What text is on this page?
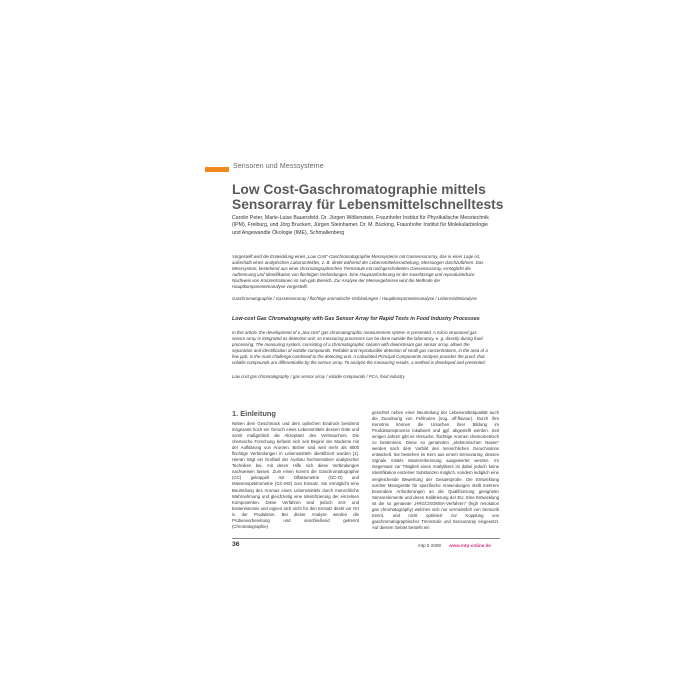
Sensoren und Messsysteme
Low Cost-Gaschromatographie mittels Sensorarray für Lebensmittelschnelltests
Carolin Peter, Marie-Luise Bauersfeld, Dr. Jürgen Wöllenstein, Fraunhofer Institut für Physikalische Messtechnik (IPM), Freiburg, und Jörg Bruckert, Jürgen Steinhamer, Dr. M. Bücking, Fraunhofer Institut für Molekularbiologie und Angewandte Ökologie (IME), Schmallenberg
Vorgestellt wird die Entwicklung eines „Low Cost“-Gaschromatographie Messsystems mit Gassensorarray, das in einer Lage ist, außerhalb eines analytischen Laborumfeldes, z. B. direkt während der Lebensmittelverarbeitung, Messungen durchzuführen. Das Messsystem, bestehend aus einer chromatographischen Trennsäule mit nachgeschaltetem Gassensorarray, ermöglicht die Auftrennung und Identifikation von flüchtigen Verbindungen. Eine Hauptanforderung ist der zuverlässige und reproduzierbare Nachweis von Konzentrationen im sub-ppb Bereich. Zur Analyse der Messergebnisse wird die Methode der Hauptkomponentenanalyse vorgestellt.
Gaschromatographie / Gassensorarray / flüchtige aromatische Verbindungen / Hauptkomponentenanalyse / Lebensmittelanalyse
Low-cost Gas Chromatography with Gas Sensor Array for Rapid Tests in Food Industry Processes
In this article, the development of a „low cost“ gas chromatographic measurement system is presented. A micro structured gas sensor array is integrated as detection unit, so measuring processes can be done outside the laboratory, e. g. directly during food processing. The measuring system, consisting of a chromatographic column with downstream gas sensor array, allows the separation and identification of volatile compounds. Reliable and reproducible detection of small gas concentrations, in the area of a few ppb, is the main challenge combined to the detecting unit. A calculated Principal Components Analysis provides the proof, that volatile compounds are differentiable by the sensor array. To analyze the measuring results, a method is developed and presented.
Low cost gas chromatography / gas sensor array / volatile compounds / PCA, food industry
1. Einleitung
Neben dem Geschmack und dem optischen Eindruck bestimmt insgesamt hoch ein Geruch eines Lebensmittels dessen Güte und somit maßgeblich die Akzeptanz des Verbrauchers. Die chemische Forschung befasst sich seit Beginn der Moderne mit der Aufklärung von Aromen. Bisher sind weit mehr als 8000 flüchtige Verbindungen in Lebensmitteln identifiziert worden [1]. Hieran trägt ein Großteil der Ausbau hochsensitiver analytischer Techniken bei, mit deren Hilfe sich diese Verbindungen nachweisen lassen. Zum einen kommt die Gaschromatographie (GC) gekoppelt mit Olfaktometrie (GC-O) und Massenspektrometrie (GC-MS) zum Einsatz. Sie ermöglicht eine Beurteilung des Aromas eines Lebensmittels durch menschliche Wahrnehmung und gleichzeitig eine Identifizierung der einzelnen Komponenten. Diese Verfahren sind jedoch zeit- und kostenintensiv und eignen sich nicht für den Einsatz direkt vor Ort in der Produktion. Bei dieser Analyse werden die Probenvorbereitung und anschließend getrennt (Chromatographie)
gesichtet neben einer Beurteilung der Lebensmittelqualität auch die Zuordnung von Fehlnoten (sog. off-flavour). Durch ihre Kenntnis können die Ursachen ihrer Bildung im Produktionsprozess lokalisiert und ggf. abgestellt werden. Seit einigen Jahren gibt es Versuche, flüchtige Aromen chemometrisch zu bestimmen. Diese so genannten „elektronischen Nasen“ werden nach dem Vorbild des menschlichen Geruchssinns entwickelt. Sie bestehen im Kern aus einem Sensorarray, dessen Signale mittels Mustererkennung ausgewertet werden. Im Gegensatz zur Tätigkeit eines Analytikers ist dabei jedoch keine Identifikation einzelner Substanzen möglich, sondern lediglich eine vergleichende Bewertung der Gesamtprobe. Die Entwicklung solcher Messgeräte für spezifische Anwendungen stellt mehrere besondere Anforderungen an die Qualifizierung geeigneter Sensorelemente und deren Kalibrierung der EU. Eine Entwicklung ist die so genannte „HRGC/SOMSA-Verfahren“ (high resolution gas chromatography) welches sich nur vermeintlich von Sensorik trennt, und nicht optimiert zur Kopplung von gaschromatographischer Trennstufe und Sensorarray eingesetzt. Auf diesem Gebiet besteht ein
36	mtp 5 2008 www.mtp-online.de
